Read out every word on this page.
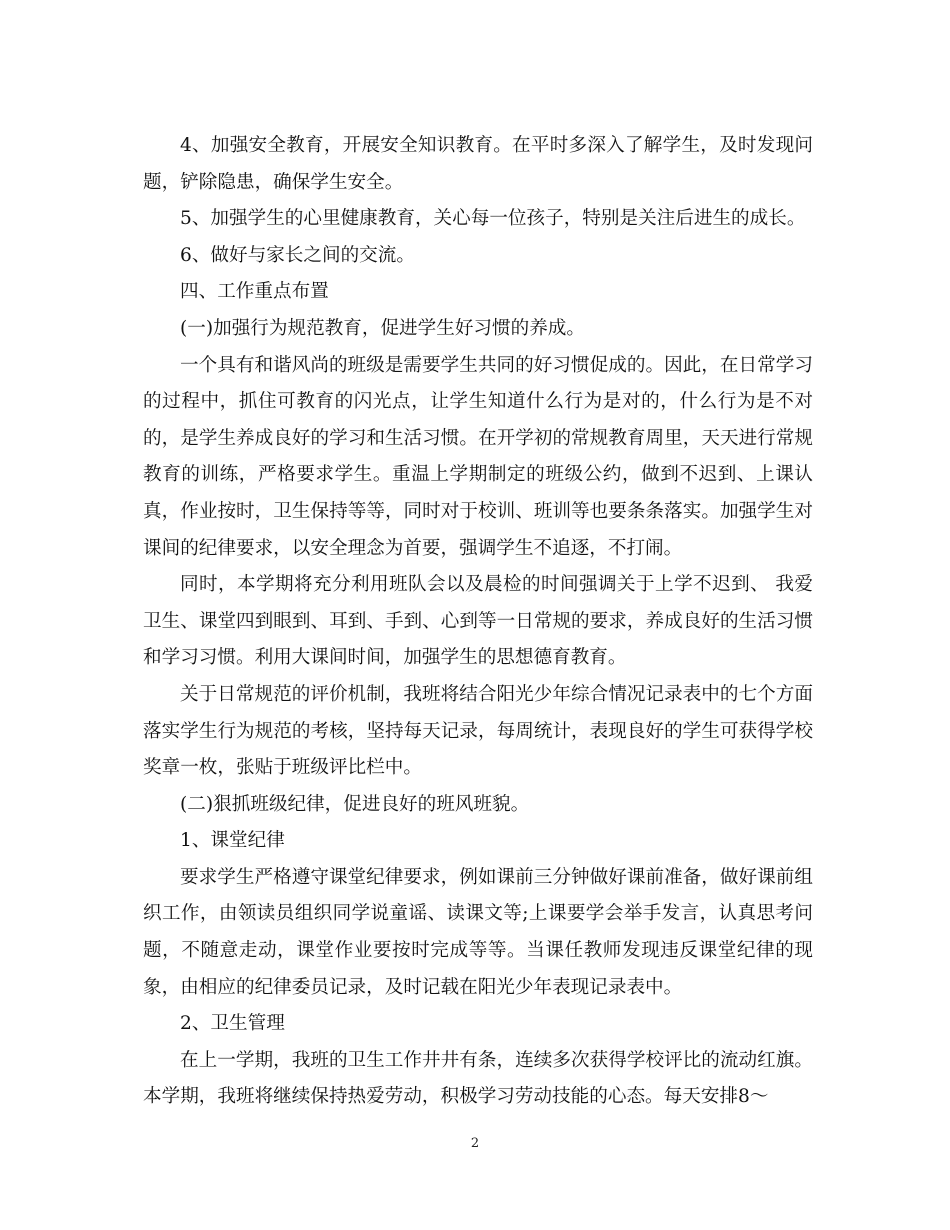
4、加强安全教育，开展安全知识教育。在平时多深入了解学生，及时发现问题，铲除隐患，确保学生安全。

5、加强学生的心里健康教育，关心每一位孩子，特别是关注后进生的成长。

6、做好与家长之间的交流。

四、工作重点布置

(一)加强行为规范教育，促进学生好习惯的养成。

一个具有和谐风尚的班级是需要学生共同的好习惯促成的。因此，在日常学习的过程中，抓住可教育的闪光点，让学生知道什么行为是对的，什么行为是不对的，是学生养成良好的学习和生活习惯。在开学初的常规教育周里，天天进行常规教育的训练，严格要求学生。重温上学期制定的班级公约，做到不迟到、上课认真，作业按时，卫生保持等等，同时对于校训、班训等也要条条落实。加强学生对课间的纪律要求，以安全理念为首要，强调学生不追逐，不打闹。

同时，本学期将充分利用班队会以及晨检的时间强调关于上学不迟到、 我爱卫生、课堂四到眼到、耳到、手到、心到等一日常规的要求，养成良好的生活习惯和学习习惯。利用大课间时间，加强学生的思想德育教育。

关于日常规范的评价机制，我班将结合阳光少年综合情况记录表中的七个方面落实学生行为规范的考核，坚持每天记录，每周统计，表现良好的学生可获得学校奖章一枚，张贴于班级评比栏中。

(二)狠抓班级纪律，促进良好的班风班貌。

1、课堂纪律

要求学生严格遵守课堂纪律要求，例如课前三分钟做好课前准备，做好课前组织工作，由领读员组织同学说童谣、读课文等;上课要学会举手发言，认真思考问题，不随意走动，课堂作业要按时完成等等。当课任教师发现违反课堂纪律的现象，由相应的纪律委员记录，及时记载在阳光少年表现记录表中。

2、卫生管理

在上一学期，我班的卫生工作井井有条，连续多次获得学校评比的流动红旗。本学期，我班将继续保持热爱劳动，积极学习劳动技能的心态。每天安排8～

2
